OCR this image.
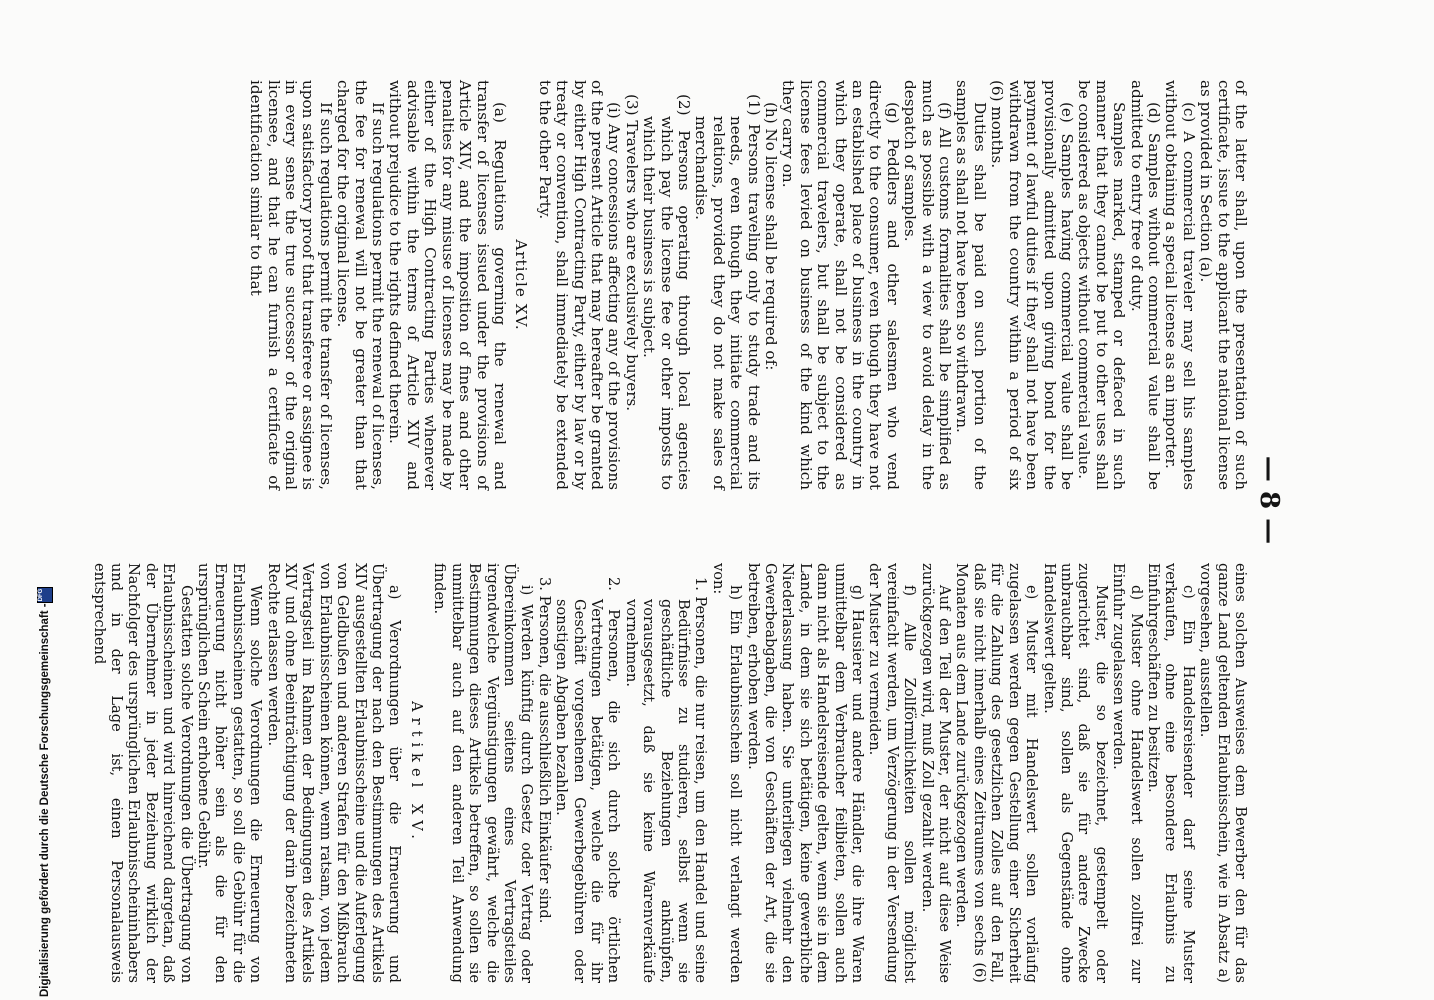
— 8 —

of the latter shall, upon the presentation of such certificate, issue to the applicant the national license as provided in Section (a).

(c) A commercial traveler may sell his samples without obtaining a special license as an importer.

(d) Samples without commercial value shall be admitted to entry free of duty.

Samples marked, stamped or defaced in such manner that they cannot be put to other uses shall be considered as objects without commercial value.

(e) Samples having commercial value shall be provisionally admitted upon giving bond for the payment of lawful duties if they shall not have been withdrawn from the country within a period of six (6) months.

Duties shall be paid on such portion of the samples as shall not have been so withdrawn.

(f) All customs formalities shall be simplified as much as possible with a view to avoid delay in the despatch of samples.

(g) Peddlers and other salesmen who vend directly to the consumer, even though they have not an established place of business in the country in which they operate, shall not be considered as commercial travelers, but shall be subject to the license fees levied on business of the kind which they carry on.

(h) No license shall be required of:

(1) Persons traveling only to study trade and its needs, even though they initiate commercial relations, provided they do not make sales of merchandise.

(2) Persons operating through local agencies which pay the license fee or other imposts to which their business is subject.

(3) Travelers who are exclusively buyers.

(i) Any concessions affecting any of the provisions of the present Article that may hereafter be granted by either High Contracting Party, either by law or by treaty or convention, shall immediately be extended to the other Party.

Article XV.

(a) Regulations governing the renewal and transfer of licenses issued under the provisions of Article XIV, and the imposition of fines and other penalties for any misuse of licenses may be made by either of the High Contracting Parties whenever advisable within the terms of Article XIV and without prejudice to the rights defined therein.

If such regulations permit the renewal of licenses, the fee for renewal will not be greater than that charged for the original license.

If such regulations permit the transfer of licenses, upon satisfactory proof that transferee or assignee is in every sense the true successor of the original licensee, and that he can furnish a certificate of identification similar to that

eines solchen Ausweises dem Bewerber den für das ganze Land geltenden Erlaubnisschein, wie in Absatz a) vorgesehen, ausstellen.

c) Ein Handelsreisender darf seine Muster verkaufen, ohne eine besondere Erlaubnis zu Einfuhrgeschäften zu besitzen.

d) Muster ohne Handelswert sollen zollfrei zur Einfuhr zugelassen werden.

Muster, die so bezeichnet, gestempelt oder zugerichtet sind, daß sie für andere Zwecke unbrauchbar sind, sollen als Gegenstände ohne Handelswert gelten.

e) Muster mit Handelswert sollen vorläufig zugelassen werden gegen Gestellung einer Sicherheit für die Zahlung des gesetzlichen Zolles auf den Fall, daß sie nicht innerhalb eines Zeitraumes von sechs (6) Monaten aus dem Lande zurückgezogen werden.

Auf den Teil der Muster, der nicht auf diese Weise zurückgezogen wird, muß Zoll gezahlt werden.

f) Alle Zollförmlichkeiten sollen möglichst vereinfacht werden, um Verzögerung in der Versendung der Muster zu vermeiden.

g) Hausierer und andere Händler, die ihre Waren unmittelbar dem Verbraucher feilbieten, sollen auch dann nicht als Handelsreisende gelten, wenn sie in dem Lande, in dem sie sich betätigen, keine gewerbliche Niederlassung haben. Sie unterliegen vielmehr den Gewerbeabgaben, die von Geschäften der Art, die sie betreiben, erhoben werden.

h) Ein Erlaubnisschein soll nicht verlangt werden von:

1. Personen, die nur reisen, um den Handel und seine Bedürfnisse zu studieren, selbst wenn sie geschäftliche Beziehungen anknüpfen, vorausgesetzt, daß sie keine Warenverkäufe vornehmen.

2. Personen, die sich durch solche örtlichen Vertretungen betätigen, welche die für ihr Geschäft vorgesehenen Gewerbegebühren oder sonstigen Abgaben bezahlen.

3. Personen, die ausschließlich Einkäufer sind.

i) Werden künftig durch Gesetz oder Vertrag oder Übereinkommen seitens eines Vertragsteiles irgendwelche Vergünstigungen gewährt, welche die Bestimmungen dieses Artikels betreffen, so sollen sie unmittelbar auch auf den anderen Teil Anwendung finden.

Artikel XV.

a) Verordnungen über die Erneuerung und Übertragung der nach den Bestimmungen des Artikels XIV ausgestellten Erlaubnisscheine und die Auferlegung von Geldbußen und anderen Strafen für den Mißbrauch von Erlaubnisscheinen können, wenn ratsam, von jedem Vertragsteil im Rahmen der Bedingungen des Artikels XIV und ohne Beeinträchtigung der darin bezeichneten Rechte erlassen werden.

Wenn solche Verordnungen die Erneuerung von Erlaubnisscheinen gestatten, so soll die Gebühr für die Erneuerung nicht höher sein als die für den ursprünglichen Schein erhobene Gebühr.

Gestatten solche Verordnungen die Übertragung von Erlaubnisscheinen und wird hinreichend dargetan, daß der Übernehmer in jeder Beziehung wirklich der Nachfolger des ursprünglichen Erlaubnisscheininhabers und in der Lage ist, einen Personalausweis entsprechend

Digitalisierung gefördert durch die Deutsche Forschungsgemeinschaft -
DFG
